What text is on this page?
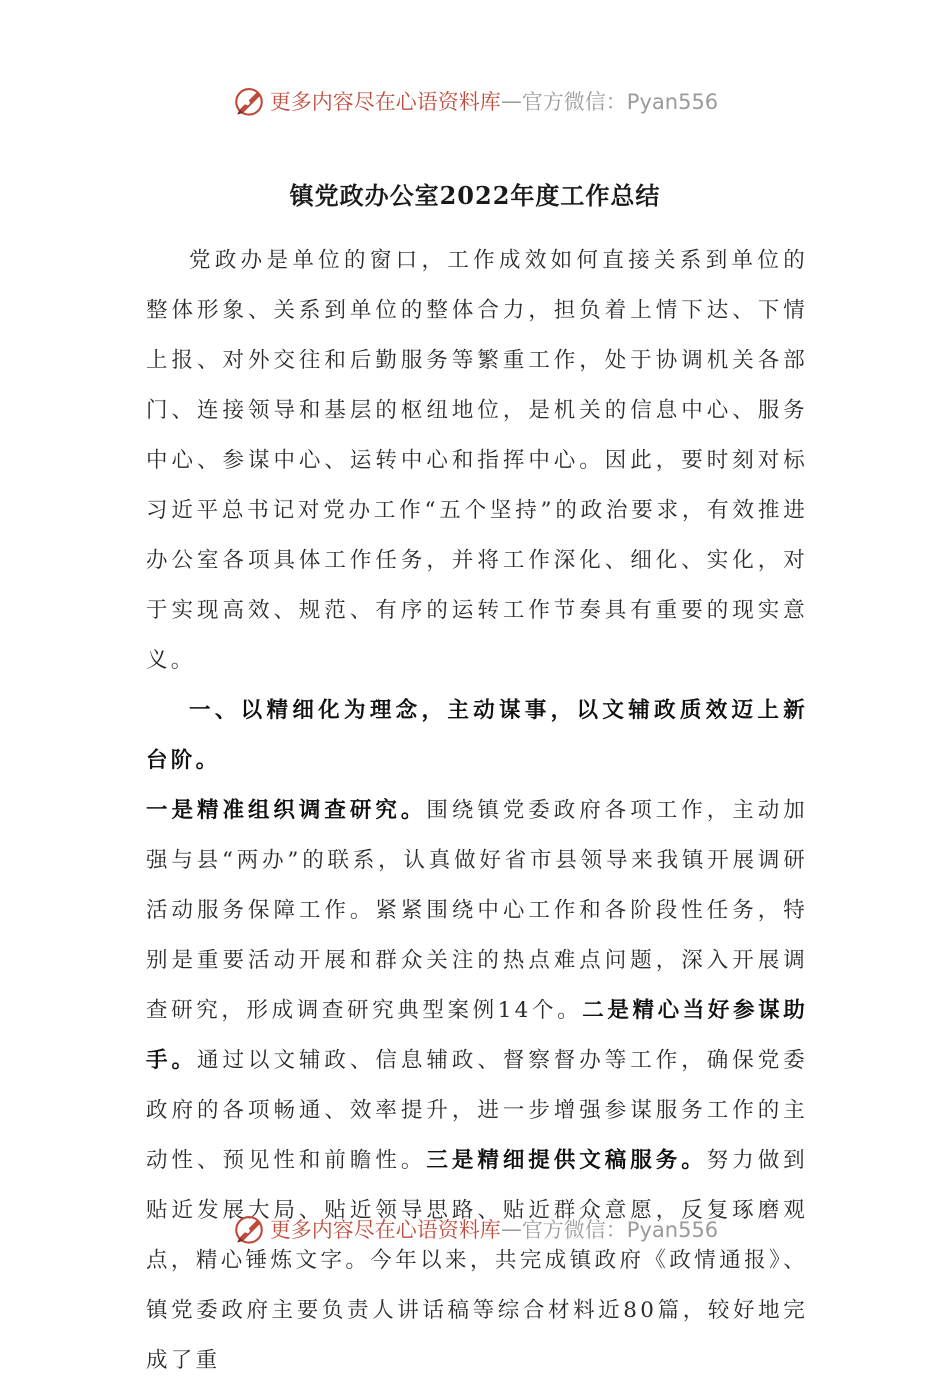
更多内容尽在心语资料库 — 官方微信：Pyan556
镇党政办公室2022年度工作总结

党政办是单位的窗口，工作成效如何直接关系到单位的整体形象、关系到单位的整体合力，担负着上情下达、下情上报、对外交往和后勤服务等繁重工作，处于协调机关各部门、连接领导和基层的枢纽地位，是机关的信息中心、服务中心、参谋中心、运转中心和指挥中心。因此，要时刻对标习近平总书记对党办工作“五个坚持”的政治要求，有效推进办公室各项具体工作任务，并将工作深化、细化、实化，对于实现高效、规范、有序的运转工作节奏具有重要的现实意义。

一、以精细化为理念，主动谋事，以文辅政质效迈上新台阶。

一是精准组织调查研究。围绕镇党委政府各项工作，主动加强与县“两办”的联系，认真做好省市县领导来我镇开展调研活动服务保障工作。紧紧围绕中心工作和各阶段性任务，特别是重要活动开展和群众关注的热点难点问题，深入开展调查研究，形成调查研究典型案例14个。二是精心当好参谋助手。通过以文辅政、信息辅政、督察督办等工作，确保党委政府的各项畅通、效率提升，进一步增强参谋服务工作的主动性、预见性和前瞻性。三是精细提供文稿服务。努力做到贴近发展大局、贴近领导思路、贴近群众意愿，反复琢磨观点，精心锤炼文字。今年以来，共完成镇政府《政情通报》、镇党委政府主要负责人讲话稿等综合材料近80篇，较好地完成了重

更多内容尽在心语资料库 — 官方微信：Pyan556
